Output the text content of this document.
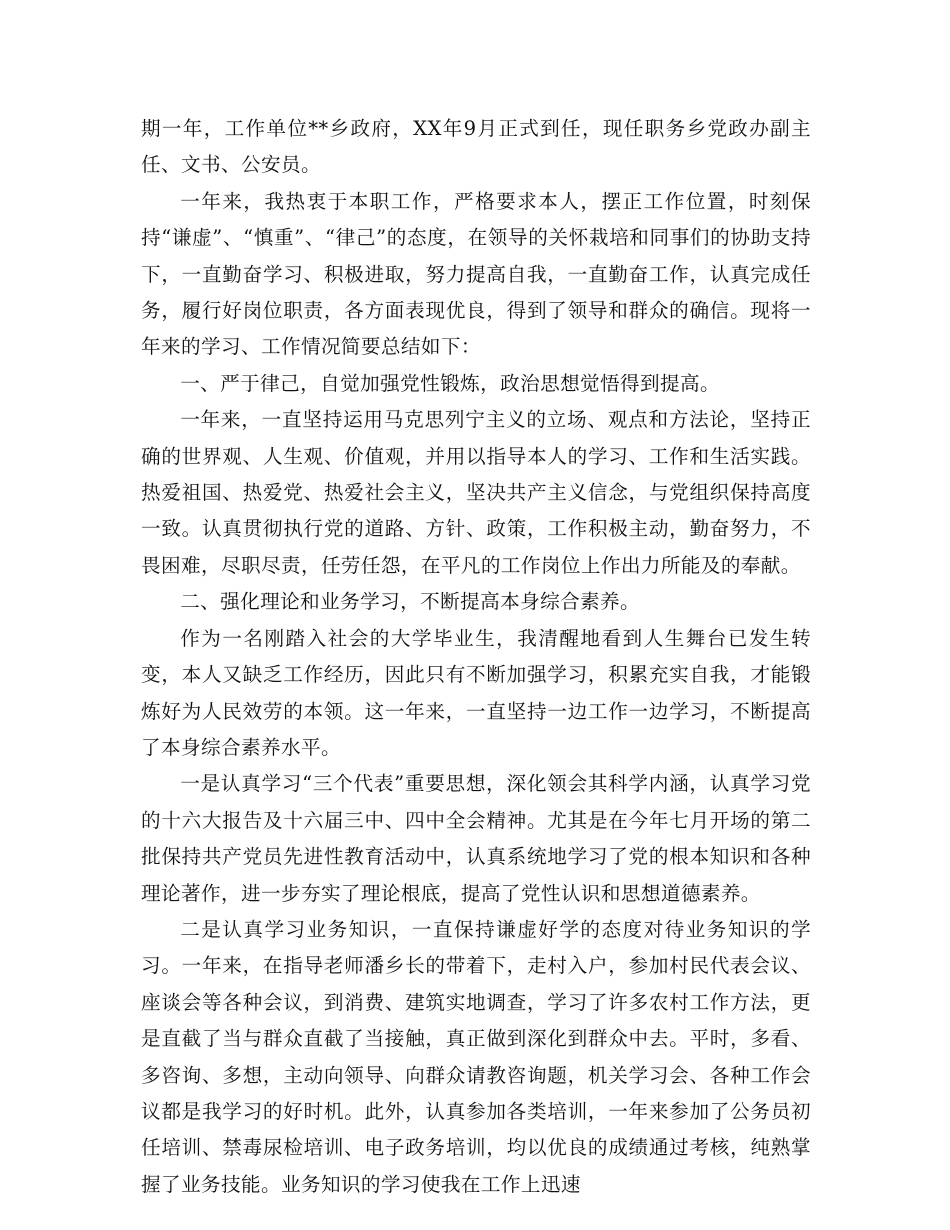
期一年，工作单位**乡政府，XX年9月正式到任，现任职务乡党政办副主任、文书、公安员。

一年来，我热衷于本职工作，严格要求本人，摆正工作位置，时刻保持“谦虚”、“慎重”、“律己”的态度，在领导的关怀栽培和同事们的协助支持下，一直勤奋学习、积极进取，努力提高自我，一直勤奋工作，认真完成任务，履行好岗位职责，各方面表现优良，得到了领导和群众的确信。现将一年来的学习、工作情况简要总结如下：

一、严于律己，自觉加强党性锻炼，政治思想觉悟得到提高。

一年来，一直坚持运用马克思列宁主义的立场、观点和方法论，坚持正确的世界观、人生观、价值观，并用以指导本人的学习、工作和生活实践。热爱祖国、热爱党、热爱社会主义，坚决共产主义信念，与党组织保持高度一致。认真贯彻执行党的道路、方针、政策，工作积极主动，勤奋努力，不畏困难，尽职尽责，任劳任怨，在平凡的工作岗位上作出力所能及的奉献。

二、强化理论和业务学习，不断提高本身综合素养。

作为一名刚踏入社会的大学毕业生，我清醒地看到人生舞台已发生转变，本人又缺乏工作经历，因此只有不断加强学习，积累充实自我，才能锻炼好为人民效劳的本领。这一年来，一直坚持一边工作一边学习，不断提高了本身综合素养水平。

一是认真学习“三个代表”重要思想，深化领会其科学内涵，认真学习党的十六大报告及十六届三中、四中全会精神。尤其是在今年七月开场的第二批保持共产党员先进性教育活动中，认真系统地学习了党的根本知识和各种理论著作，进一步夯实了理论根底，提高了党性认识和思想道德素养。

二是认真学习业务知识，一直保持谦虚好学的态度对待业务知识的学习。一年来，在指导老师潘乡长的带着下，走村入户，参加村民代表会议、座谈会等各种会议，到消费、建筑实地调查，学习了许多农村工作方法，更是直截了当与群众直截了当接触，真正做到深化到群众中去。平时，多看、多咨询、多想，主动向领导、向群众请教咨询题，机关学习会、各种工作会议都是我学习的好时机。此外，认真参加各类培训，一年来参加了公务员初任培训、禁毒尿检培训、电子政务培训，均以优良的成绩通过考核，纯熟掌握了业务技能。业务知识的学习使我在工作上迅速
